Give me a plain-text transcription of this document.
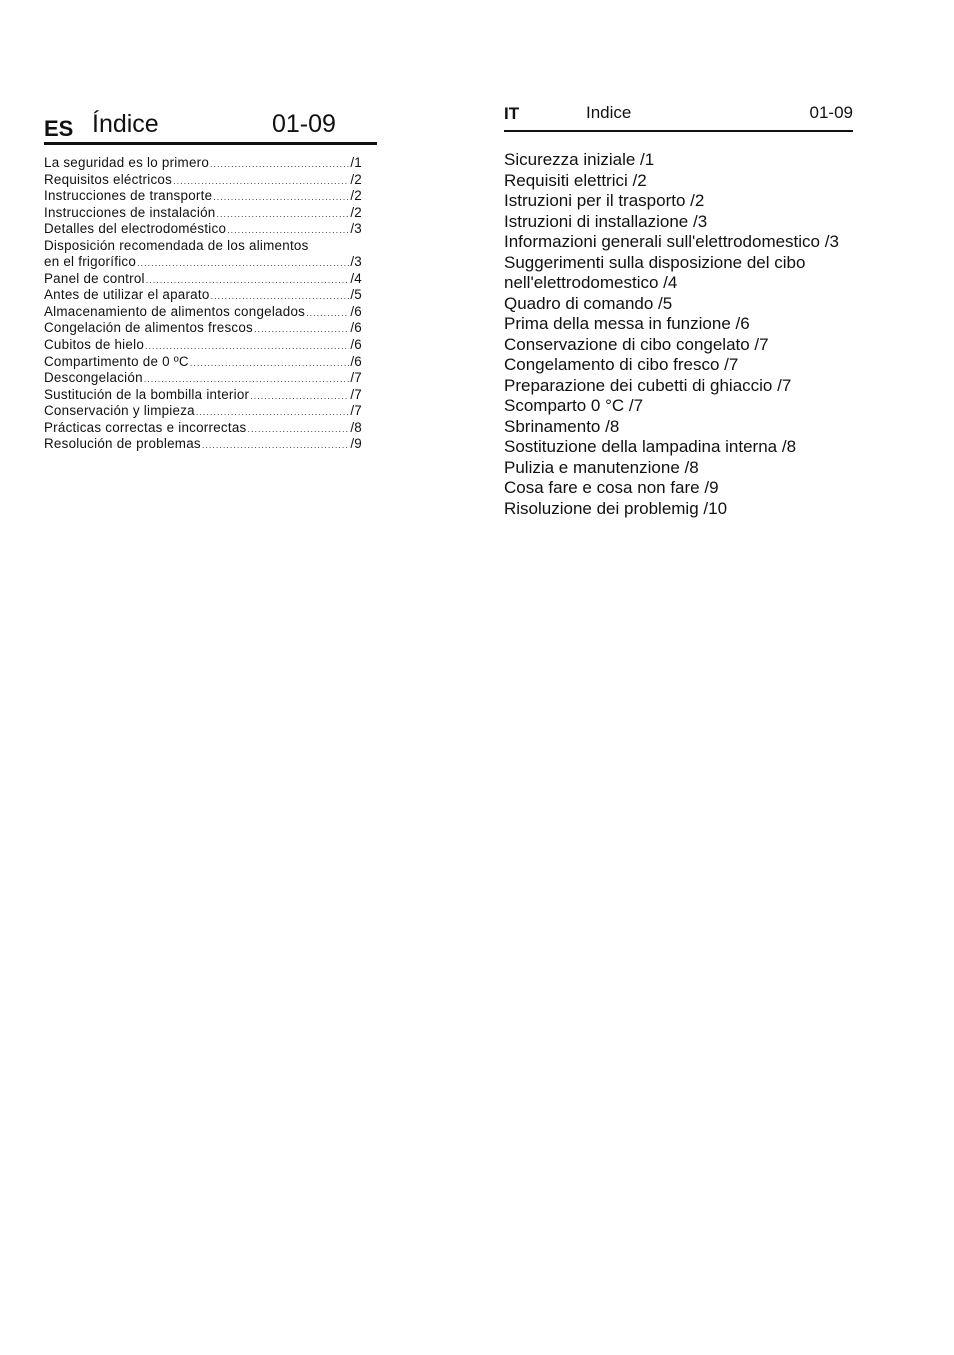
ES Índice	01-09
La seguridad es lo primero .....	/1
Requisitos eléctricos .....	/2
Instrucciones de transporte .....	/2
Instrucciones de instalación .....	/2
Detalles del electrodoméstico .....	/3
Disposición recomendada de los alimentos
en el frigorífico .....	/3
Panel de control .....	/4
Antes de utilizar el aparato .....	/5
Almacenamiento de alimentos congelados .....	/6
Congelación de alimentos frescos .....	/6
Cubitos de hielo .....	/6
Compartimento de 0 ºC .....	/6
Descongelación .....	/7
Sustitución de la bombilla interior .....	/7
Conservación y limpieza .....	/7
Prácticas correctas e incorrectas .....	/8
Resolución de problemas .....	/9
IT	Indice	01-09
Sicurezza iniziale /1
Requisiti elettrici /2
Istruzioni per il trasporto /2
Istruzioni di installazione /3
Informazioni generali sull'elettrodomestico /3
Suggerimenti sulla disposizione del cibo
nell'elettrodomestico /4
Quadro di comando /5
Prima della messa in funzione /6
Conservazione di cibo congelato /7
Congelamento di cibo fresco /7
Preparazione dei cubetti di ghiaccio /7
Scomparto 0 °C /7
Sbrinamento /8
Sostituzione della lampadina interna /8
Pulizia e manutenzione /8
Cosa fare e cosa non fare /9
Risoluzione dei problemig /10
